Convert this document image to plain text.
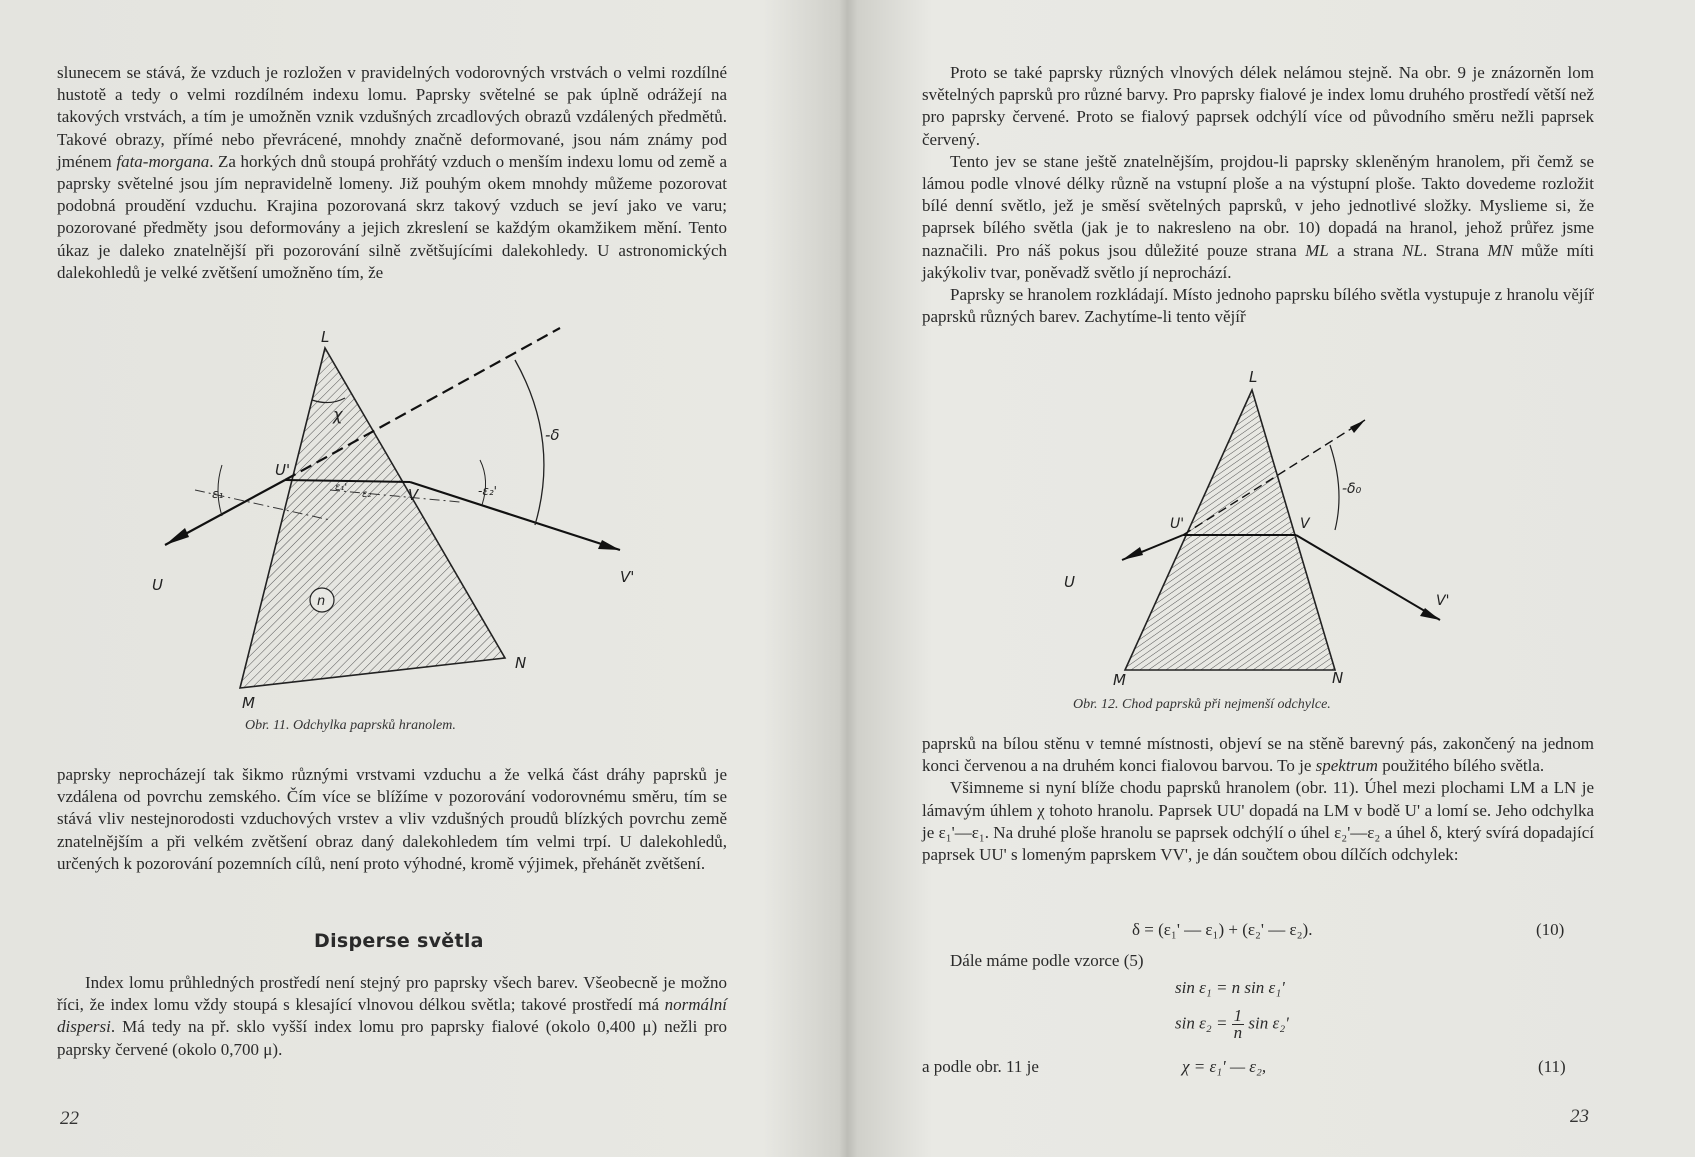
slunecem se stává, že vzduch je rozložen v pravidelných vodorovných vrstvách o velmi rozdílné hustotě a tedy o velmi rozdílném indexu lomu. Paprsky světelné se pak úplně odrážejí na takových vrstvách, a tím je umožněn vznik vzdušných zrcadlových obrazů vzdálených předmětů. Takové obrazy, přímé nebo převrácené, mnohdy značně deformované, jsou nám známy pod jménem fata-morgana. Za horkých dnů stoupá prohřátý vzduch o menším indexu lomu od země a paprsky světelné jsou jím nepravidelně lomeny. Již pouhým okem mnohdy můžeme pozorovat podobná proudění vzduchu. Krajina pozorovaná skrz takový vzduch se jeví jako ve varu; pozorované předměty jsou deformovány a jejich zkreslení se každým okamžikem mění. Tento úkaz je daleko znatelnější při pozorování silně zvětšujícími dalekohledy. U astronomických dalekohledů je velké zvětšení umožněno tím, že

n
L
M
N
U
U'
V
V'
χ
-δ
ε₁	-ε₂'
ε₁'
ε₂
Obr. 11. Odchylka paprsků hranolem.

paprsky neprocházejí tak šikmo různými vrstvami vzduchu a že velká část dráhy paprsků je vzdálena od povrchu zemského. Čím více se blížíme v pozorování vodorovnému směru, tím se stává vliv nestejnorodosti vzduchových vrstev a vliv vzdušných proudů blízkých povrchu země znatelnějším a při velkém zvětšení obraz daný dalekohledem tím velmi trpí. U dalekohledů, určených k pozorování pozemních cílů, není proto výhodné, kromě výjimek, přehánět zvětšení.

Disperse světla

Index lomu průhledných prostředí není stejný pro paprsky všech barev. Všeobecně je možno říci, že index lomu vždy stoupá s klesající vlnovou délkou světla; takové prostředí má normální dispersi. Má tedy na př. sklo vyšší index lomu pro paprsky fialové (okolo 0,400 μ) nežli pro paprsky červené (okolo 0,700 μ).

22

Proto se také paprsky různých vlnových délek nelámou stejně. Na obr. 9 je znázorněn lom světelných paprsků pro různé barvy. Pro paprsky fialové je index lomu druhého prostředí větší než pro paprsky červené. Proto se fialový paprsek odchýlí více od původního směru nežli paprsek červený.

Tento jev se stane ještě znatelnějším, projdou-li paprsky skleněným hranolem, při čemž se lámou podle vlnové délky různě na vstupní ploše a na výstupní ploše. Takto dovedeme rozložit bílé denní světlo, jež je směsí světelných paprsků, v jeho jednotlivé složky. Myslieme si, že paprsek bílého světla (jak je to nakresleno na obr. 10) dopadá na hranol, jehož průřez jsme naznačili. Pro náš pokus jsou důležité pouze strana ML a strana NL. Strana MN může míti jakýkoliv tvar, poněvadž světlo jí neprochází.

Paprsky se hranolem rozkládají. Místo jednoho paprsku bílého světla vystupuje z hranolu vějíř paprsků různých barev. Zachytíme-li tento vějíř

L
M	N
U
U'	V
V'
-δ₀
Obr. 12. Chod paprsků při nejmenší odchylce.

paprsků na bílou stěnu v temné místnosti, objeví se na stěně barevný pás, zakončený na jednom konci červenou a na druhém konci fialovou barvou. To je spektrum použitého bílého světla.

Všimneme si nyní blíže chodu paprsků hranolem (obr. 11). Úhel mezi plochami LM a LN je lámavým úhlem χ tohoto hranolu. Paprsek UU' dopadá na LM v bodě U' a lomí se. Jeho odchylka je ε₁'—ε₁. Na druhé ploše hranolu se paprsek odchýlí o úhel ε₂'—ε₂ a úhel δ, který svírá dopadající paprsek UU' s lomeným paprskem VV', je dán součtem obou dílčích odchylek:

δ = (ε₁' — ε₁) + (ε₂' — ε₂).	(10)

Dále máme podle vzorce (5)

sin ε₁ = n sin ε₁'
$\sin \varepsilon_2 = \frac{1}{n}$ sin ε₂'
a podle obr. 11 je	χ = ε₁' — ε₂,	(11)
23
